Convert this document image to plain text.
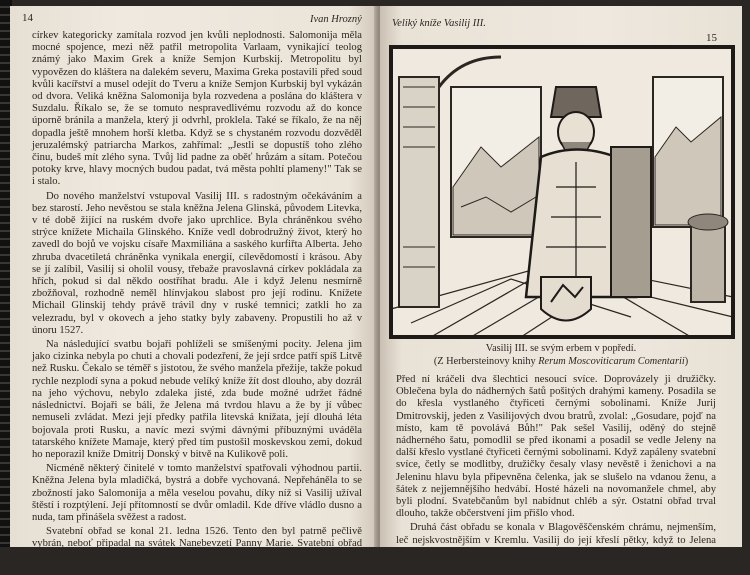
14	Ivan Hrozný

církev kategoricky zamítala rozvod jen kvůli neplodnosti. Salomonija měla mocné spojence, mezi něž patřil metropolita Varlaam, vynikající teolog známý jako Maxim Grek a kníže Semjon Kurbskij. Metropolitu byl vypovězen do kláštera na dalekém severu, Maxima Greka postavili před soud kvůli kacířství a musel odejít do Tveru a kníže Semjon Kurbskij byl vykázán od dvora. Veliká kněžna Salomonija byla rozvedena a poslána do kláštera v Suzdalu. Říkalo se, že se tomuto nespravedlivému rozvodu až do konce úporně bránila a manžela, který ji odvrhl, proklela. Také se říkalo, že na něj dopadla ještě mnohem horší kletba. Když se s chystaném rozvodu dozvěděl jeruzalémský patriarcha Markos, zahřímal: „Jestli se dopustíš toho zlého činu, budeš mít zlého syna. Tvůj lid padne za oběť hrůzám a sítam. Potečou potoky krve, hlavy mocných budou padat, tvá města pohltí plameny!" Tak se i stalo.

Do nového manželství vstupoval Vasilij III. s radostným očekáváním a bez starostí. Jeho nevěstou se stala kněžna Jelena Glinská, původem Litevka, v té době žijící na ruském dvoře jako uprchlice. Byla chráněnkou svého strýce knížete Michaila Glinského. Kníže vedl dobrodružný život, který ho zavedl do bojů ve vojsku císaře Maxmiliána a saského kurfiřta Alberta. Jeho zhruba dvacetiletá chráněnka vynikala energií, cílevědomostí i krásou. Aby se jí zalíbil, Vasilij si oholil vousy, třebaže pravoslavná církev pokládala za hřích, pokud si dal někdo oostříhat bradu. Ale i když Jelenu nesmírně zbožňoval, rozhodně neměl hlínvjakou slabost pro její rodinu. Knížete Michail Glinskij tehdy právě trávil dny v ruské temnici; zatkli ho za velezradu, byl v okovech a jeho statky byly zabaveny. Propustili ho až v únoru 1527.

Na následující svatbu bojaři pohlíželi se smíšenými pocity. Jelena jim jako cizinka nebyla po chuti a chovali podezření, že její srdce patří spíš Litvě než Rusku. Čekalo se téměř s jistotou, že svého manžela přežije, takže pokud rychle nezplodí syna a pokud nebude velíký kníže žít dost dlouho, aby dozrál na jeho výchovu, nebylo zdaleka jisté, zda bude možné udržet řádné následnictví. Bojaři se báli, že Jelena má tvrdou hlavu a že by jí vůbec nemuseli zvládat. Mezi její předky patřila litevská knížata, její dlouhá léta bojovala proti Rusku, a navíc mezi svými dávnými příbuznými uváděla tatarského knížete Mamaje, který před tím pustošil moskevskou zemi, dokud ho neporazil kníže Dmitrij Donský v bitvě na Kulikově poli.

Nicméně některý činitelé v tomto manželství spatřovali výhodnou partii. Kněžna Jelena byla mladičká, bystrá a dobře vychovaná. Nepřeháněla to se zbožností jako Salomonija a měla veselou povahu, díky níž si Vasilij užíval štěstí i rozptýlení. Její přítomností se dvůr omladil. Kde dříve vládlo dusno a nuda, tam přinášela svěžest a radost.

Svatební obřad se konal 21. ledna 1526. Tento den byl patrně pečlivě vybrán, neboť připadal na svátek Nanebevzetí Panny Marie. Svatební obřad začal v dopoledne, kdy kněžna vešla do jedné z malovaných síní Zlatého paláce v Kremlu.

Veliký kníže Vasilij III.
15
Vasilij III. se svým erbem v popředí.
(Z Herbersteinovy knihy Rerum Moscoviticarum Comentarii)

Před ní kráčeli dva šlechtici nesoucí svíce. Doprovázely ji družičky. Oblečena byla do nádherných šatů pošitých drahými kameny. Posadila se do křesla vystlaného čtyřiceti černými sobolinami. Kníže Jurij Dmitrovskij, jeden z Vasilijových dvou bratrů, zvolal: „Gosudare, pojď na místo, kam tě povolává Bůh!" Pak sešel Vasilij, oděný do stejně nádherného šatu, pomodlil se před ikonami a posadil se vedle Jeleny na další křeslo vystlané čtyřiceti černými sobolinami. Když zapáleny svatební svíce, četly se modlitby, družičky česaly vlasy nevěstě i ženichovi a na Jeleninu hlavu byla připevněna čelenka, jak se slušelo na vdanou ženu, a šátek z nejjemnějšího hedvábí. Hosté házeli na novomanžele chmel, aby byli plodní. Svatebčanům byl nabídnut chléb a sýr. Ostatní obřad trval dlouho, takže občerstvení jim přišlo vhod.

Druhá část obřadu se konala v Blagověščenském chrámu, nejmenším, leč nejskvostnějším v Kremlu. Vasilij do její křeslí pětky, když to Jelena jela na saních
